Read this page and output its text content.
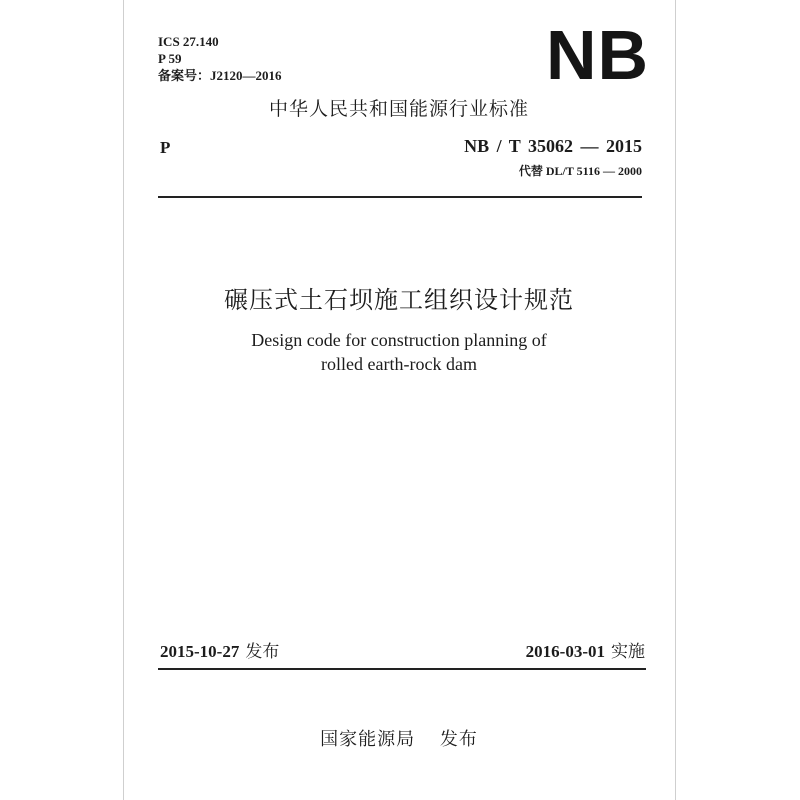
ICS 27.140
P 59
备案号：J2120—2016	NB
中华人民共和国能源行业标准
P	NB / T 35062 — 2015
代替 DL/T 5116 — 2000
碾压式土石坝施工组织设计规范
Design code for construction planning of
rolled earth-rock dam
2015-10-27 发布	2016-03-01 实施
国家能源局 发布
